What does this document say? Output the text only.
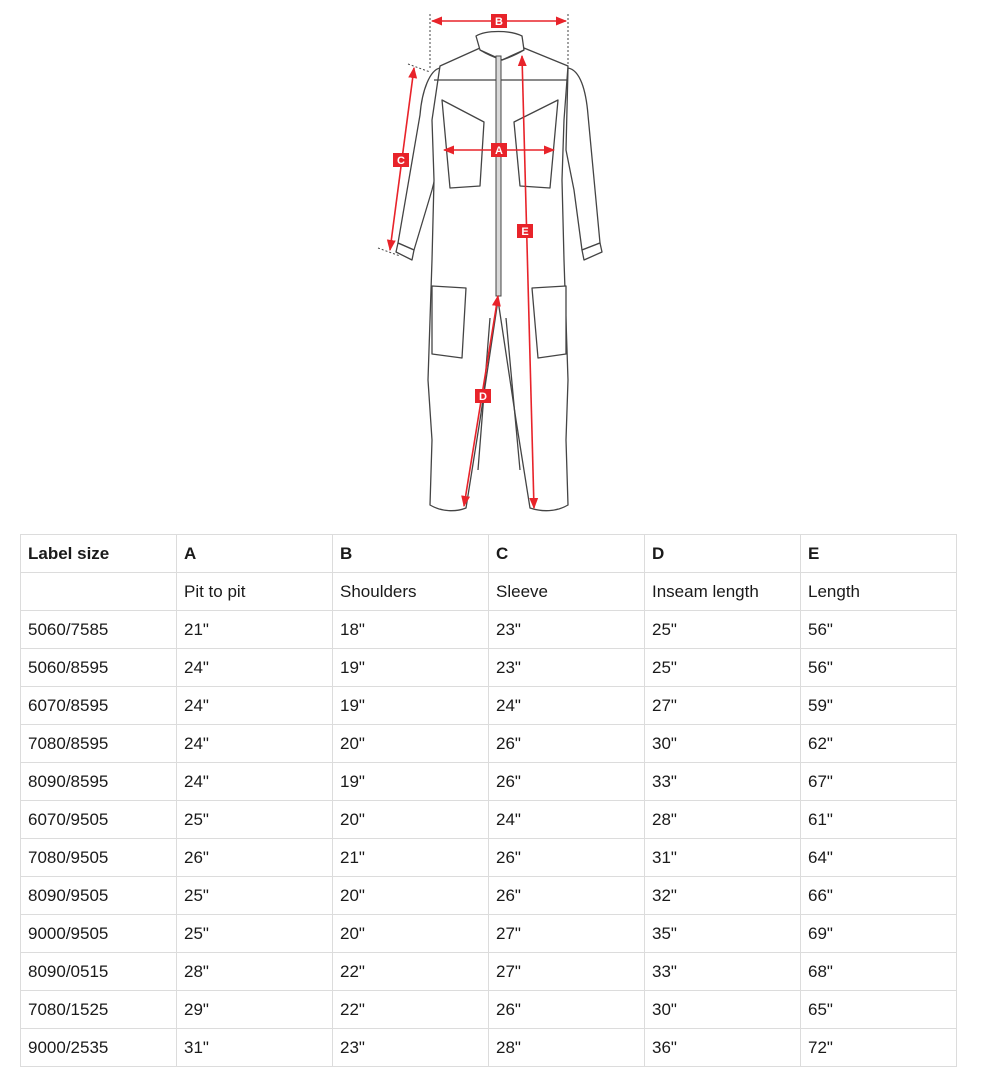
B
A
C
E
D
Label size	A	B	C	D	E
	Pit to pit	Shoulders	Sleeve	Inseam length	Length
5060/7585	21"	18"	23"	25"	56"
5060/8595	24"	19"	23"	25"	56"
6070/8595	24"	19"	24"	27"	59"
7080/8595	24"	20"	26"	30"	62"
8090/8595	24"	19"	26"	33"	67"
6070/9505	25"	20"	24"	28"	61"
7080/9505	26"	21"	26"	31"	64"
8090/9505	25"	20"	26"	32"	66"
9000/9505	25"	20"	27"	35"	69"
8090/0515	28"	22"	27"	33"	68"
7080/1525	29"	22"	26"	30"	65"
9000/2535	31"	23"	28"	36"	72"
